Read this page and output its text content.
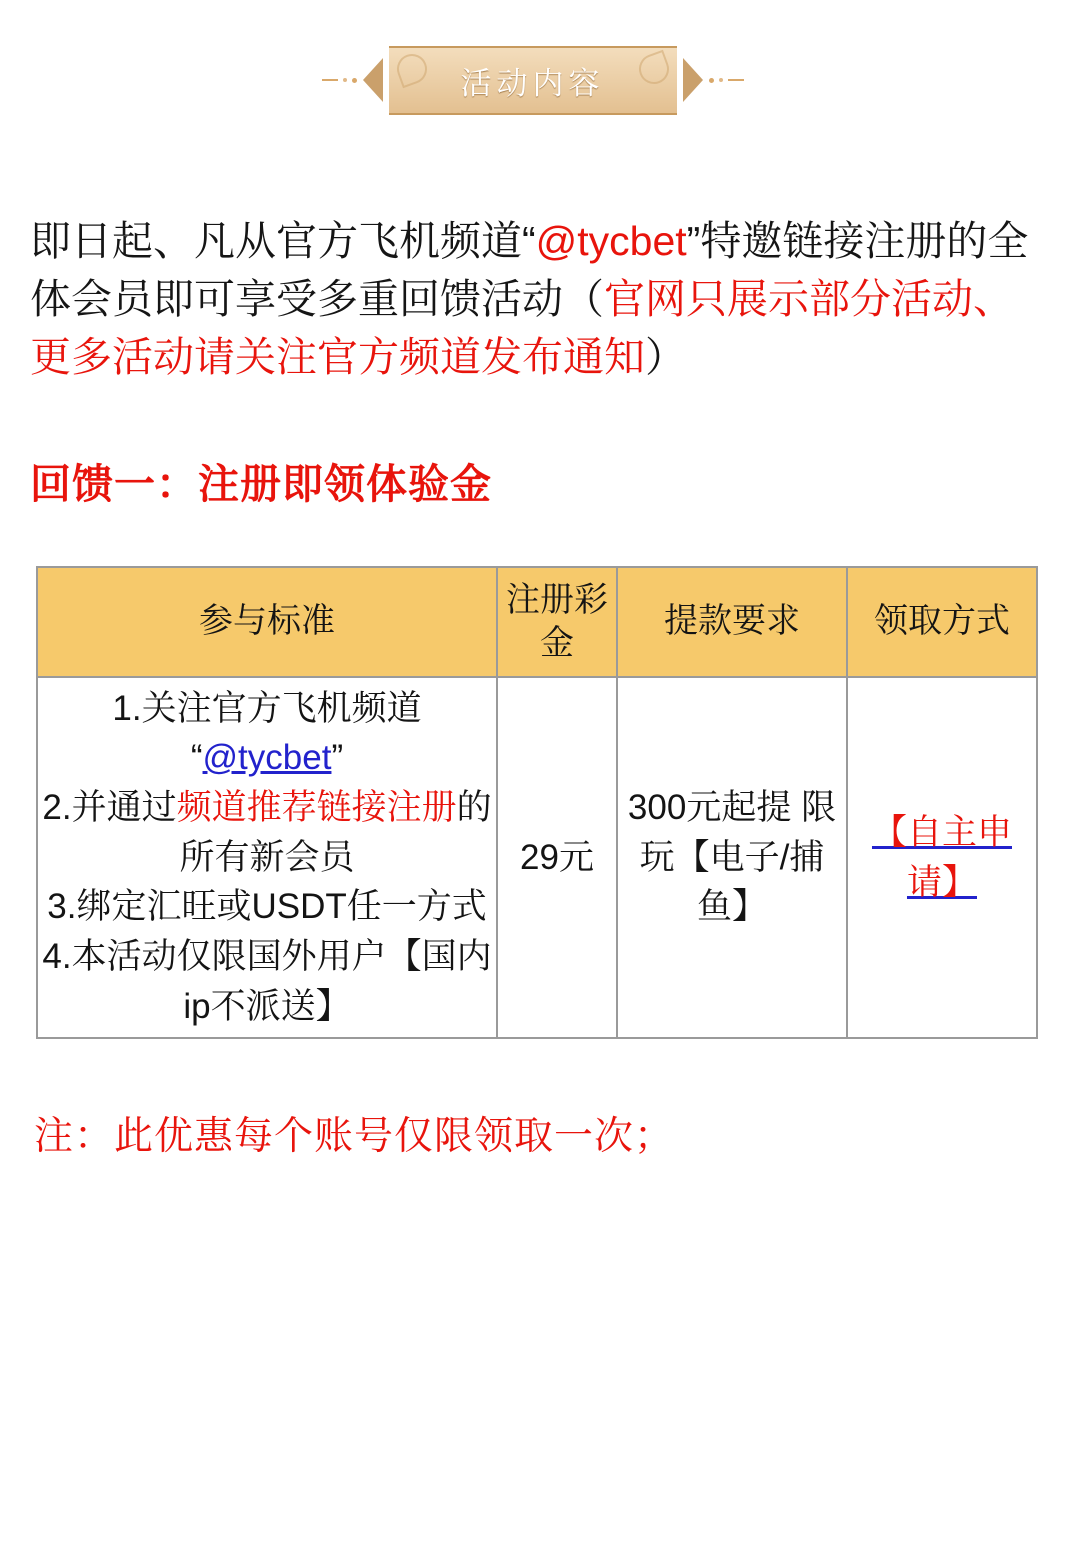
活动内容

即日起、凡从官方飞机频道“@tycbet”特邀链接注册的全体会员即可享受多重回馈活动（官网只展示部分活动、更多活动请关注官方频道发布通知）

回馈一：注册即领体验金
参与标准	注册彩金	提款要求	领取方式

1.关注官方飞机频道
“@tycbet”
2.并通过频道推荐链接注册的所有新会员
3.绑定汇旺或USDT任一方式
4.本活动仅限国外用户【国内ip不派送】	29元	300元起提 限玩【电子/捕鱼】	【自主申请】

注：此优惠每个账号仅限领取一次；
